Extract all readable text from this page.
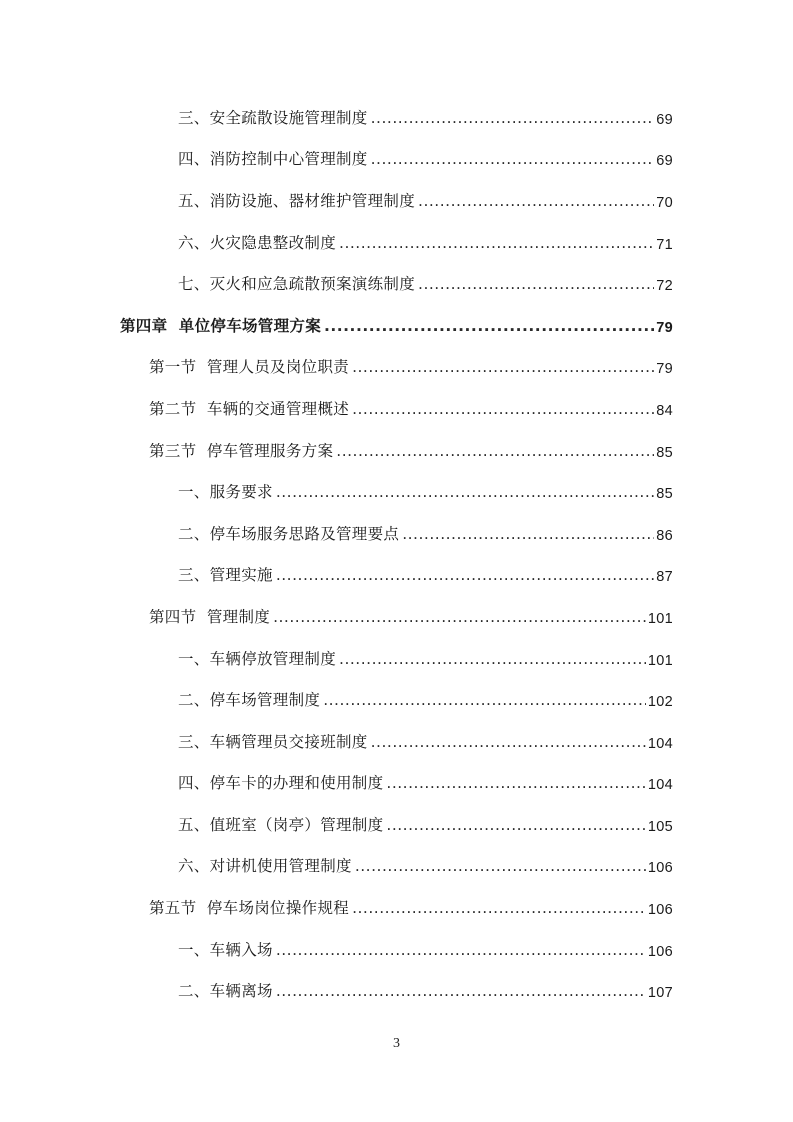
三、安全疏散设施管理制度 .....	69
四、消防控制中心管理制度 .....	69
五、消防设施、器材维护管理制度 .....	70
六、火灾隐患整改制度 .....	71
七、灭火和应急疏散预案演练制度 .....	72
第四章  单位停车场管理方案 .....	79
第一节  管理人员及岗位职责 .....	79
第二节  车辆的交通管理概述 .....	84
第三节  停车管理服务方案 .....	85
一、服务要求 .....	85
二、停车场服务思路及管理要点 .....	86
三、管理实施 .....	87
第四节  管理制度 .....	101
一、车辆停放管理制度 .....	101
二、停车场管理制度 .....	102
三、车辆管理员交接班制度 .....	104
四、停车卡的办理和使用制度 .....	104
五、值班室（岗亭）管理制度 .....	105
六、对讲机使用管理制度 .....	106
第五节  停车场岗位操作规程 .....	106
一、车辆入场 .....	106
二、车辆离场 .....	107
3
